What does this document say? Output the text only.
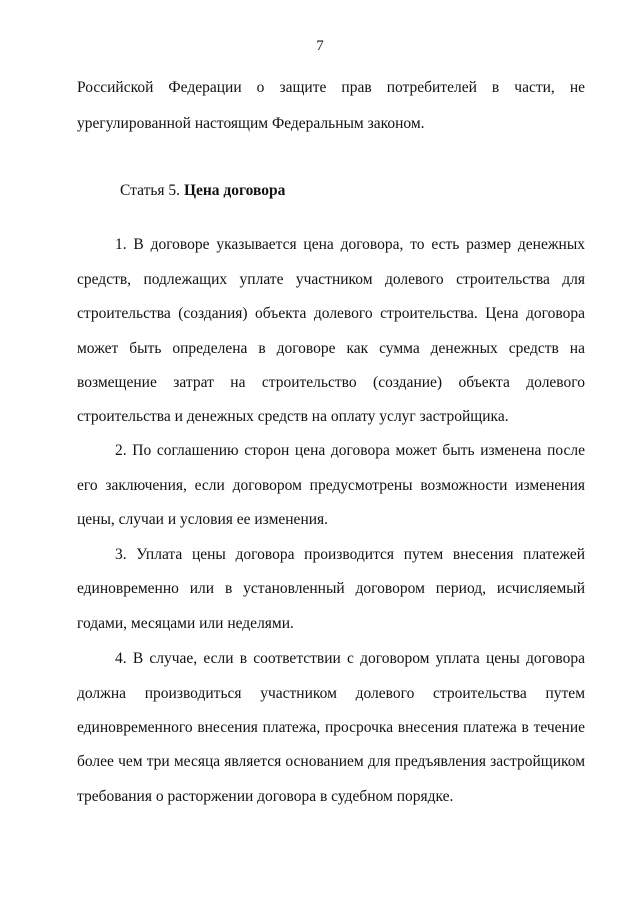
7
Российской Федерации о защите прав потребителей в части, не
урегулированной настоящим Федеральным законом.
Статья 5. Цена договора
1. В договоре указывается цена договора, то есть размер денежных
средств, подлежащих уплате участником долевого строительства для
строительства (создания) объекта долевого строительства. Цена договора
может быть определена в договоре как сумма денежных средств на
возмещение затрат на строительство (создание) объекта долевого
строительства и денежных средств на оплату услуг застройщика.
2. По соглашению сторон цена договора может быть изменена после
его заключения, если договором предусмотрены возможности изменения
цены, случаи и условия ее изменения.
3. Уплата цены договора производится путем внесения платежей
единовременно или в установленный договором период, исчисляемый
годами, месяцами или неделями.
4. В случае, если в соответствии с договором уплата цены договора
должна производиться участником долевого строительства путем
единовременного внесения платежа, просрочка внесения платежа в течение
более чем три месяца является основанием для предъявления застройщиком
требования о расторжении договора в судебном порядке.
